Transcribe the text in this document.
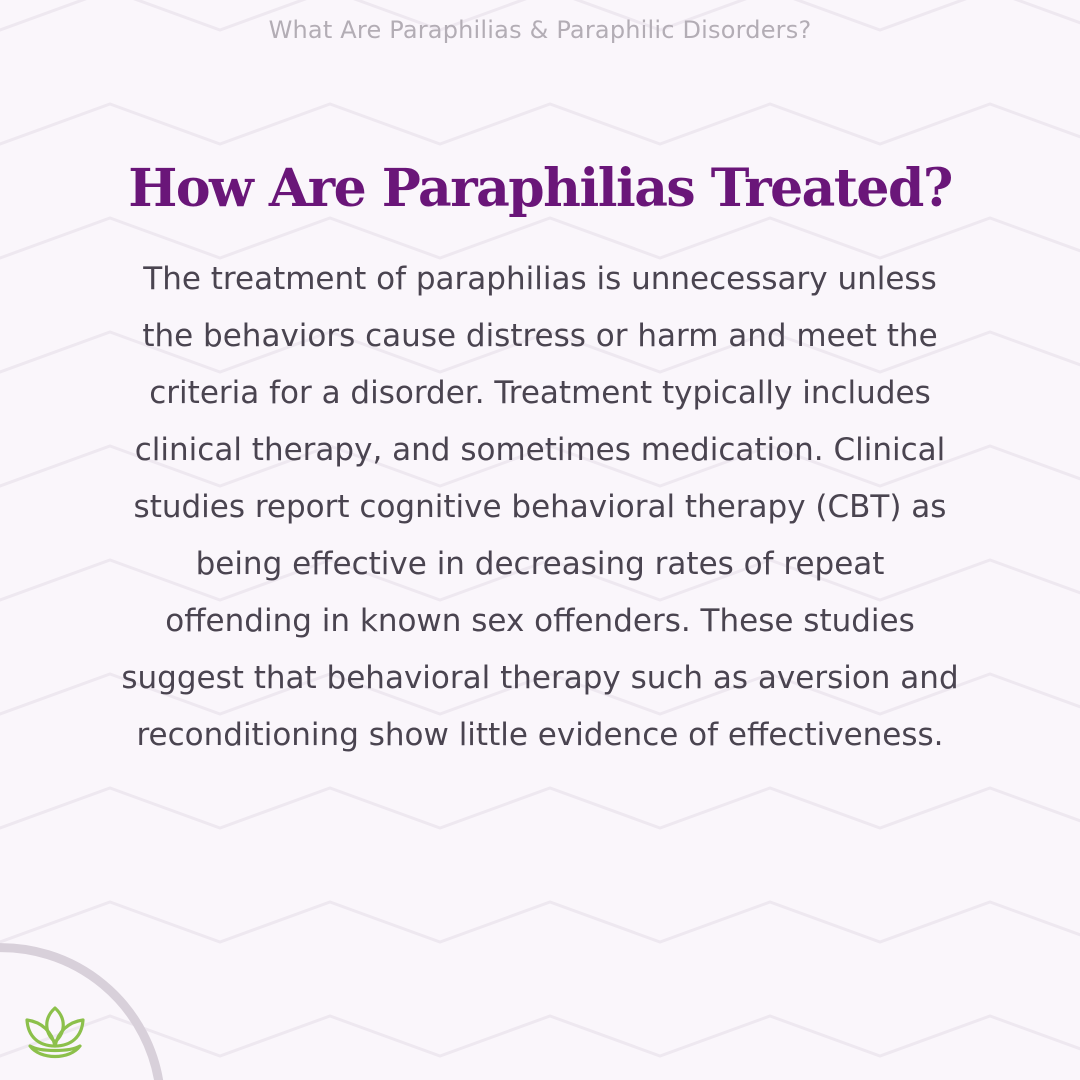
What Are Paraphilias & Paraphilic Disorders?
How Are Paraphilias Treated?

The treatment of paraphilias is unnecessary unless the behaviors cause distress or harm and meet the criteria for a disorder. Treatment typically includes clinical therapy, and sometimes medication. Clinical studies report cognitive behavioral therapy (CBT) as being effective in decreasing rates of repeat offending in known sex offenders. These studies suggest that behavioral therapy such as aversion and reconditioning show little evidence of effectiveness.
